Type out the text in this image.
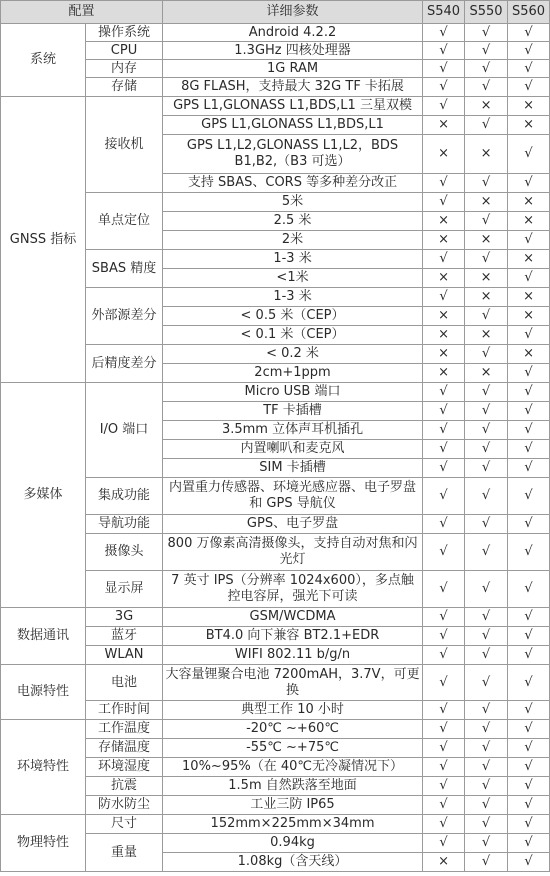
配置		详细参数	S540	S550	S560
系统	操作系统	Android 4.2.2	√	√	√
	CPU	1.3GHz 四核处理器	√	√	√
	内存	1G RAM	√	√	√
	存储	8G FLASH，支持最大 32G TF 卡拓展	√	√	√
GNSS 指标	接收机	GPS L1,GLONASS L1,BDS,L1 三星双模	√	×	×
		GPS L1,GLONASS L1,BDS,L1	×	√	×
		GPS L1,L2,GLONASS L1,L2，BDS B1,B2,（B3 可选）	×	×	√
		支持 SBAS、CORS 等多种差分改正	√	√	√
	单点定位	5米	√	×	×
		2.5 米	×	√	×
		2米	×	×	√
	SBAS 精度	1-3 米	√	√	×
		<1米	×	×	√
	外部源差分	1-3 米	√	×	×
		< 0.5 米（CEP）	×	√	×
		< 0.1 米（CEP）	×	×	√
	后精度差分	< 0.2 米	×	√	×
		2cm+1ppm	×	×	√
多媒体	I/O 端口	Micro USB 端口	√	√	√
		TF 卡插槽	√	√	√
		3.5mm 立体声耳机插孔	√	√	√
		内置喇叭和麦克风	√	√	√
		SIM 卡插槽	√	√	√
	集成功能	内置重力传感器、环境光感应器、电子罗盘和 GPS 导航仪	√	√	√
	导航功能	GPS、电子罗盘	√	√	√
	摄像头	800 万像素高清摄像头，支持自动对焦和闪光灯	√	√	√
	显示屏	7 英寸 IPS（分辨率 1024x600），多点触控电容屏，强光下可读	√	√	√
数据通讯	3G	GSM/WCDMA	√	√	√
	蓝牙	BT4.0 向下兼容 BT2.1+EDR	√	√	√
	WLAN	WIFI 802.11 b/g/n	√	√	√
电源特性	电池	大容量锂聚合电池 7200mAH，3.7V，可更换	√	√	√
	工作时间	典型工作 10 小时	√	√	√
环境特性	工作温度	-20℃ ~+60℃	√	√	√
	存储温度	-55℃ ~+75℃	√	√	√
	环境湿度	10%~95%（在 40℃无冷凝情况下）	√	√	√
	抗震	1.5m 自然跌落至地面	√	√	√
	防水防尘	工业三防 IP65	√	√	√
物理特性	尺寸	152mm×225mm×34mm	√	√	√
	重量	0.94kg	√	√	√
		1.08kg（含天线）	×	√	√
